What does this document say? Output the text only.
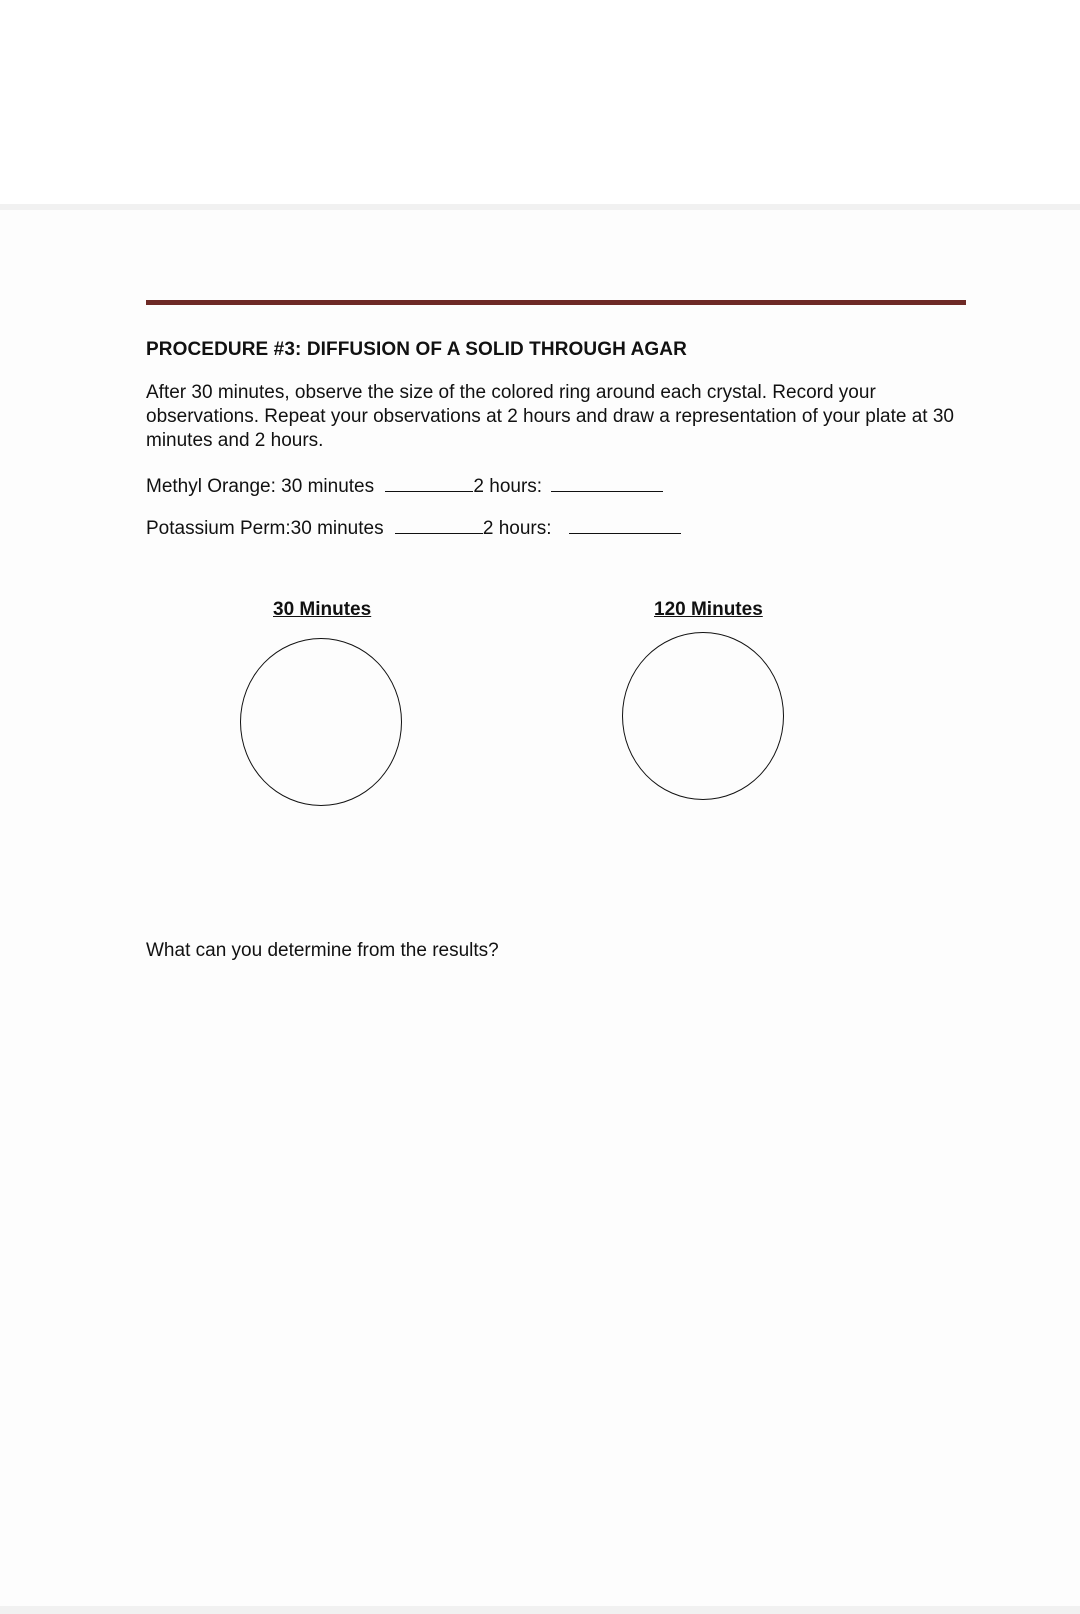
PROCEDURE #3: DIFFUSION OF A SOLID THROUGH AGAR

After 30 minutes, observe the size of the colored ring around each crystal. Record your observations. Repeat your observations at 2 hours and draw a representation of your plate at 30 minutes and 2 hours.

Methyl Orange: 30 minutes	2 hours:
Potassium Perm:30 minutes	2 hours:
30 Minutes	120 Minutes

What can you determine from the results?
